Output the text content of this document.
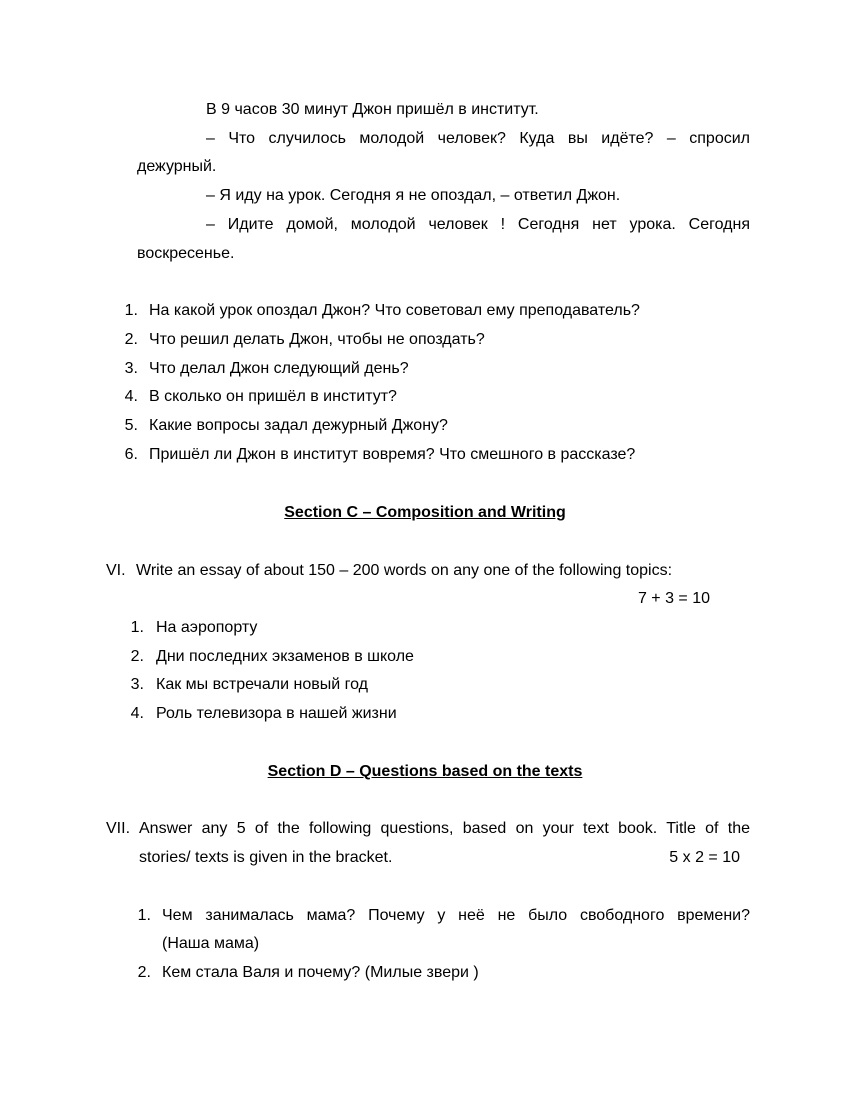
В 9 часов 30 минут Джон пришёл в институт.
– Что случилось молодой человек? Куда вы идёте? – спросил
дежурный.
– Я иду на урок. Сегодня я не опоздал, – ответил Джон.
– Идите домой, молодой человек ! Сегодня нет урока. Сегодня
воскресенье.
1. На какой урок опоздал Джон? Что советовал ему преподаватель?
2. Что решил делать Джон, чтобы не опоздать?
3. Что делал Джон следующий день?
4. В сколько он пришёл в институт?
5. Какие вопросы задал дежурный Джону?
6. Пришёл ли Джон в институт вовремя? Что смешного в рассказе?
Section C – Composition and Writing
VI. Write an essay of about 150 – 200 words on any one of the following topics:
7 + 3 = 10
1. На аэропорту
2. Дни последних экзаменов в школе
3. Как мы встречали новый год
4. Роль телевизора в нашей жизни
Section D – Questions based on the texts
VII. Answer any 5 of the following questions, based on your text book. Title of the
stories/ texts is given in the bracket.	5 x 2 = 10
1. Чем занималась мама? Почему у неё не было свободного времени?
(Наша мама)
2. Кем стала Валя и почему? (Милые звери )
